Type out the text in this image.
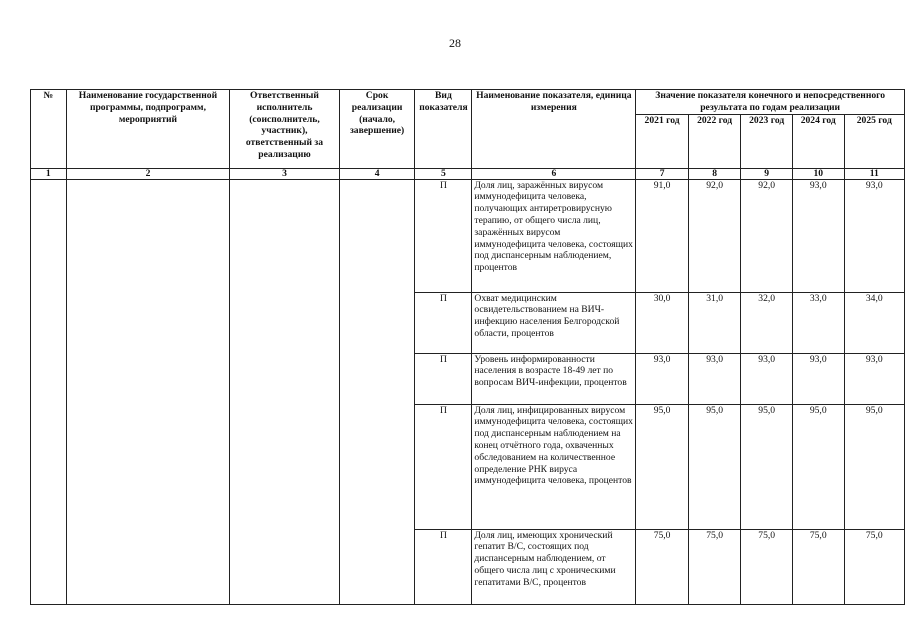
28
№	Наименование государственной программы, подпрограмм, мероприятий	Ответственный исполнитель (соисполнитель, участник), ответственный за реализацию	Срок реализации (начало, завершение)	Вид показателя	Наименование показателя, единица измерения	Значение показателя конечного и непосредственного результата по годам реализации				
						2021 год	2022 год	2023 год	2024 год	2025 год
1	2	3	4	5	6	7	8	9	10	11
				П	Доля лиц, заражённых вирусом иммунодефицита человека, получающих антиретровирусную терапию, от общего числа лиц, заражённых вирусом иммунодефицита человека, состоящих под диспансерным наблюдением, процентов	91,0	92,0	92,0	93,0	93,0
				П	Охват медицинским освидетельствованием на ВИЧ-инфекцию населения Белгородской области, процентов	30,0	31,0	32,0	33,0	34,0
				П	Уровень информированности населения в возрасте 18-49 лет по вопросам ВИЧ-инфекции, процентов	93,0	93,0	93,0	93,0	93,0
				П	Доля лиц, инфицированных вирусом иммунодефицита человека, состоящих под диспансерным наблюдением на конец отчётного года, охваченных обследованием на количественное определение РНК вируса иммунодефицита человека, процентов	95,0	95,0	95,0	95,0	95,0
				П	Доля лиц, имеющих хронический гепатит В/С, состоящих под диспансерным наблюдением, от общего числа лиц с хроническими гепатитами В/С, процентов	75,0	75,0	75,0	75,0	75,0
